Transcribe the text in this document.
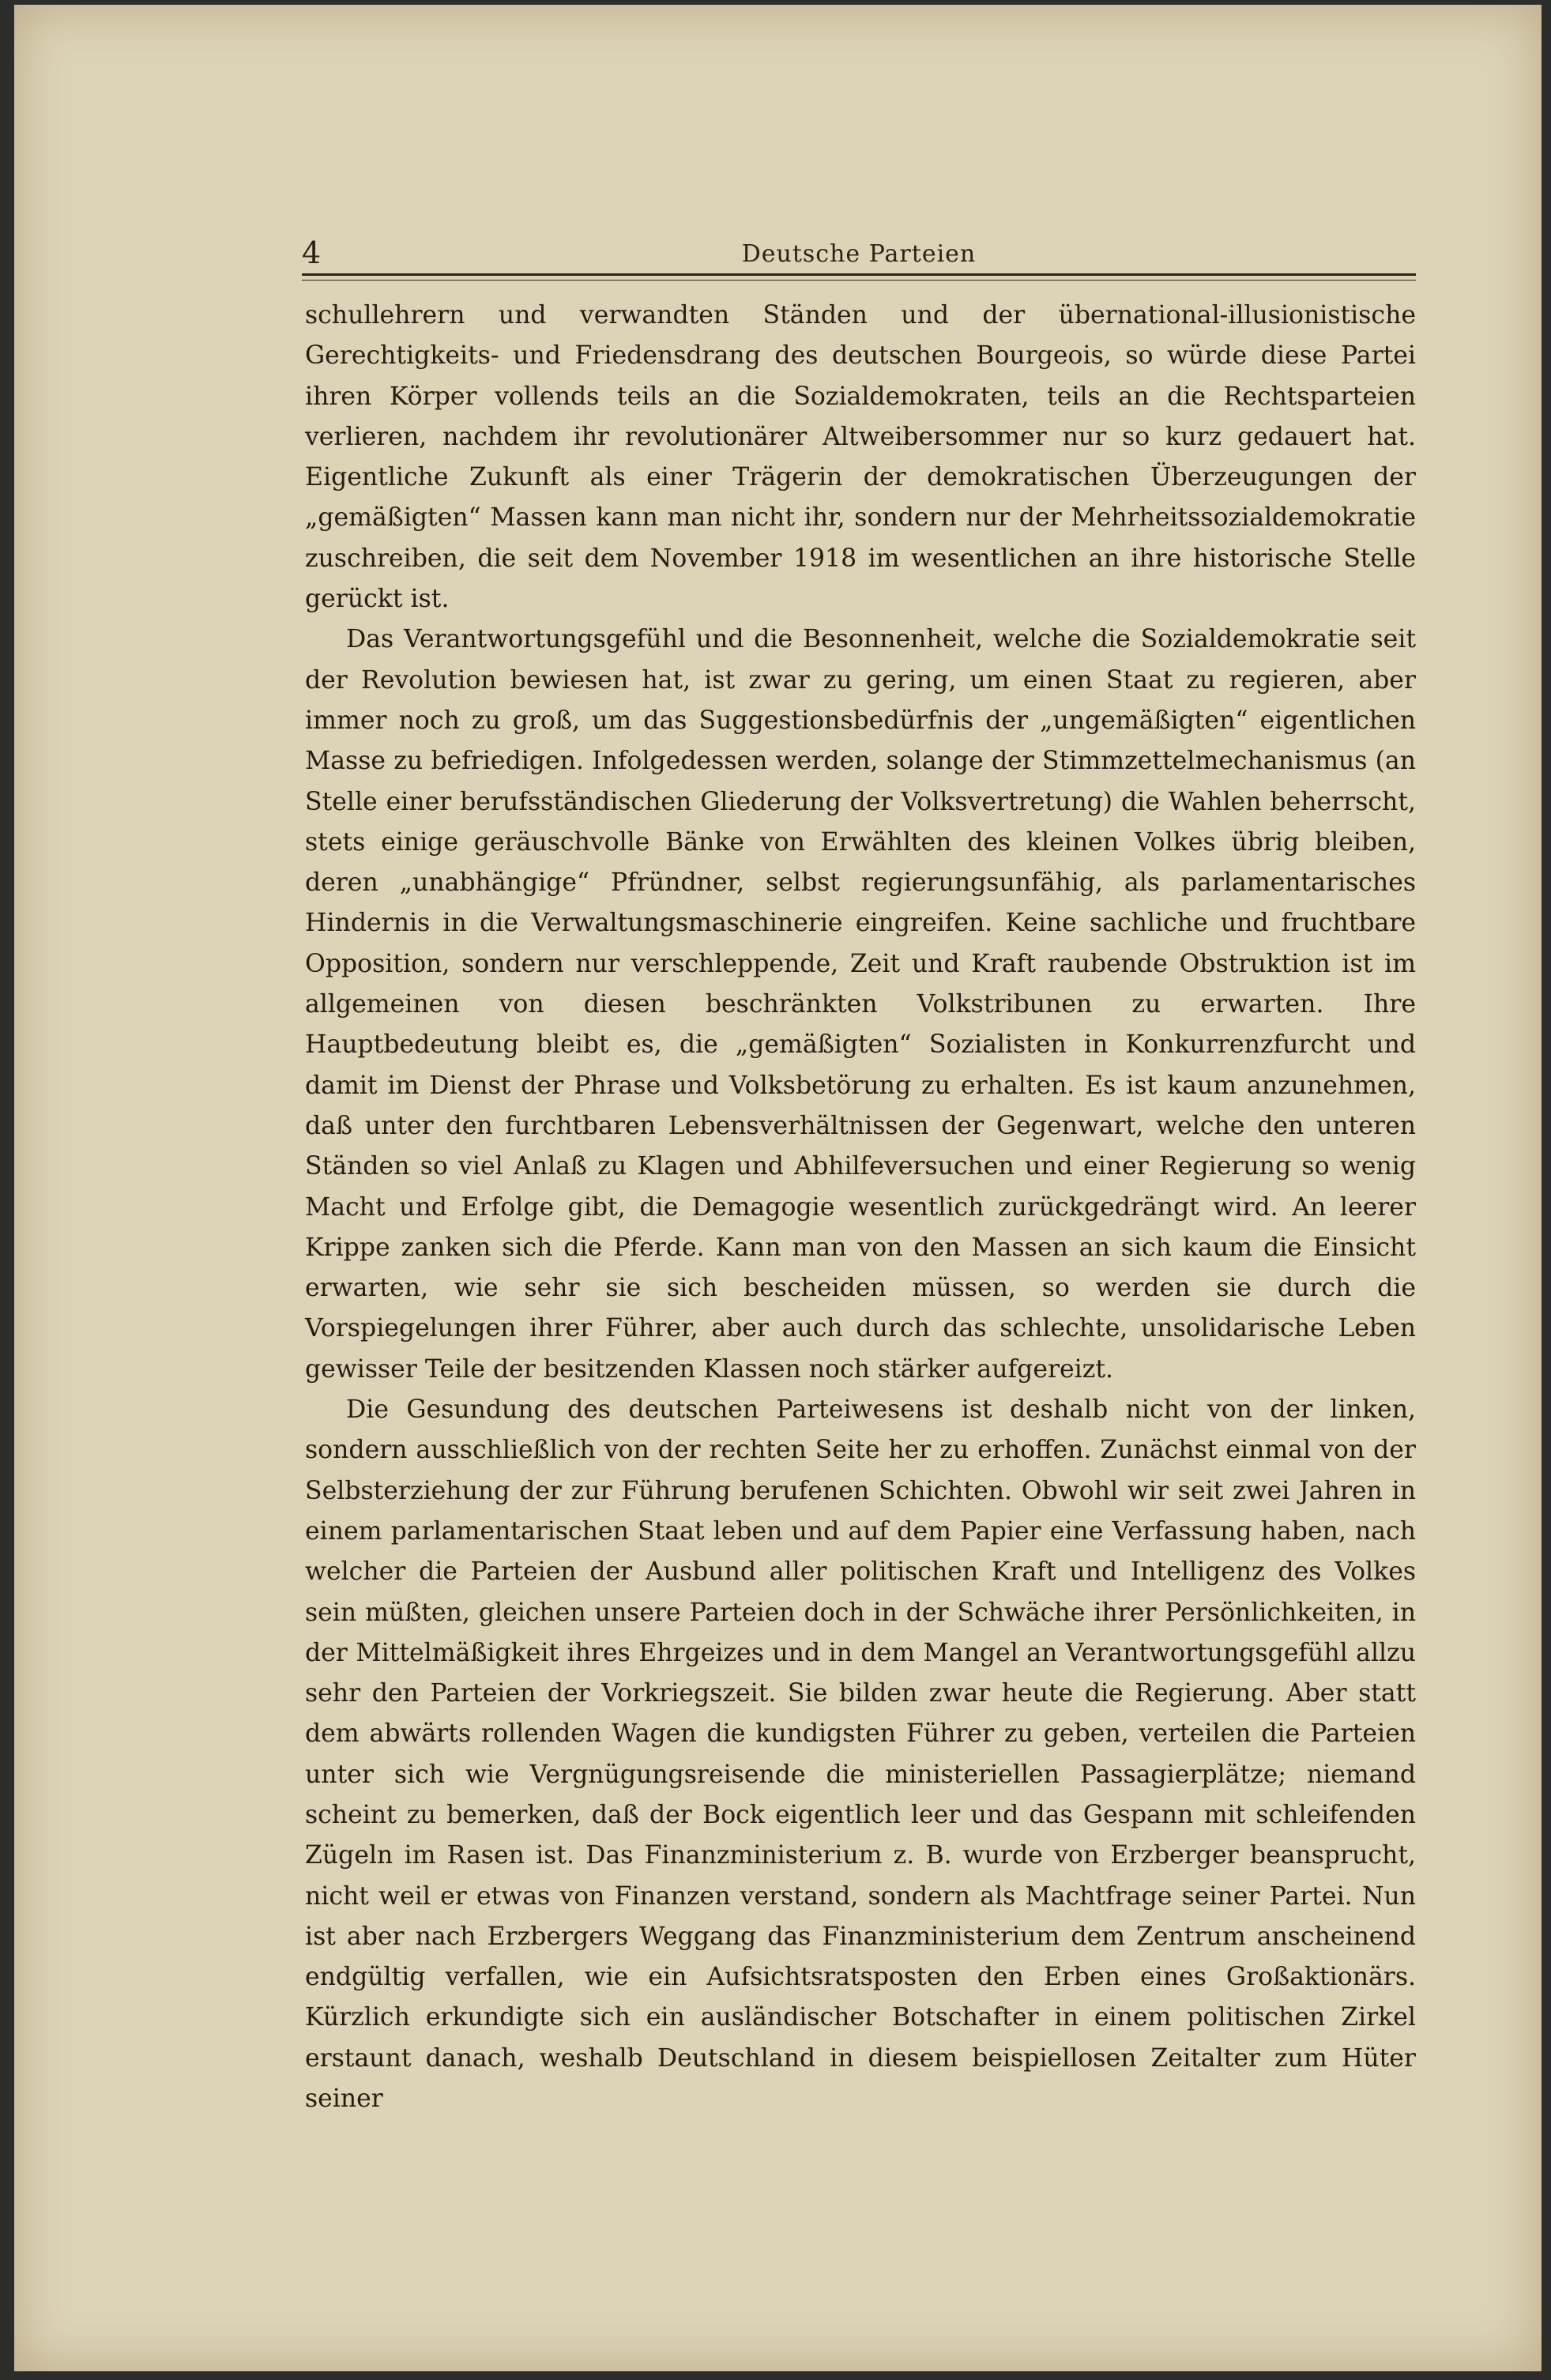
4	Deutsche Parteien

schullehrern und verwandten Ständen und der übernational-illusionistische Gerechtigkeits- und Friedensdrang des deutschen Bourgeois, so würde diese Partei ihren Körper vollends teils an die Sozialdemokraten, teils an die Rechtsparteien verlieren, nachdem ihr revolutionärer Altweibersommer nur so kurz gedauert hat. Eigentliche Zukunft als einer Trägerin der demokratischen Überzeugungen der „gemäßigten“ Massen kann man nicht ihr, sondern nur der Mehrheitssozialdemokratie zuschreiben, die seit dem November 1918 im wesentlichen an ihre historische Stelle gerückt ist.

Das Verantwortungsgefühl und die Besonnenheit, welche die Sozialdemokratie seit der Revolution bewiesen hat, ist zwar zu gering, um einen Staat zu regieren, aber immer noch zu groß, um das Suggestionsbedürfnis der „ungemäßigten“ eigentlichen Masse zu befriedigen. Infolgedessen werden, solange der Stimmzettelmechanismus (an Stelle einer berufsständischen Gliederung der Volksvertretung) die Wahlen beherrscht, stets einige geräuschvolle Bänke von Erwählten des kleinen Volkes übrig bleiben, deren „unabhängige“ Pfründner, selbst regierungsunfähig, als parlamentarisches Hindernis in die Verwaltungsmaschinerie eingreifen. Keine sachliche und fruchtbare Opposition, sondern nur verschleppende, Zeit und Kraft raubende Obstruktion ist im allgemeinen von diesen beschränkten Volkstribunen zu erwarten. Ihre Hauptbedeutung bleibt es, die „gemäßigten“ Sozialisten in Konkurrenzfurcht und damit im Dienst der Phrase und Volksbetörung zu erhalten. Es ist kaum anzunehmen, daß unter den furchtbaren Lebensverhältnissen der Gegenwart, welche den unteren Ständen so viel Anlaß zu Klagen und Abhilfeversuchen und einer Regierung so wenig Macht und Erfolge gibt, die Demagogie wesentlich zurückgedrängt wird. An leerer Krippe zanken sich die Pferde. Kann man von den Massen an sich kaum die Einsicht erwarten, wie sehr sie sich bescheiden müssen, so werden sie durch die Vorspiegelungen ihrer Führer, aber auch durch das schlechte, unsolidarische Leben gewisser Teile der besitzenden Klassen noch stärker aufgereizt.

Die Gesundung des deutschen Parteiwesens ist deshalb nicht von der linken, sondern ausschließlich von der rechten Seite her zu erhoffen. Zunächst einmal von der Selbsterziehung der zur Führung berufenen Schichten. Obwohl wir seit zwei Jahren in einem parlamentarischen Staat leben und auf dem Papier eine Verfassung haben, nach welcher die Parteien der Ausbund aller politischen Kraft und Intelligenz des Volkes sein müßten, gleichen unsere Parteien doch in der Schwäche ihrer Persönlichkeiten, in der Mittelmäßigkeit ihres Ehrgeizes und in dem Mangel an Verantwortungsgefühl allzu sehr den Parteien der Vorkriegszeit. Sie bilden zwar heute die Regierung. Aber statt dem abwärts rollenden Wagen die kundigsten Führer zu geben, verteilen die Parteien unter sich wie Vergnügungsreisende die ministeriellen Passagierplätze; niemand scheint zu bemerken, daß der Bock eigentlich leer und das Gespann mit schleifenden Zügeln im Rasen ist. Das Finanzministerium z. B. wurde von Erzberger beansprucht, nicht weil er etwas von Finanzen verstand, sondern als Machtfrage seiner Partei. Nun ist aber nach Erzbergers Weggang das Finanzministerium dem Zentrum anscheinend endgültig verfallen, wie ein Aufsichtsratsposten den Erben eines Großaktionärs. Kürzlich erkundigte sich ein ausländischer Botschafter in einem politischen Zirkel erstaunt danach, weshalb Deutschland in diesem beispiellosen Zeitalter zum Hüter seiner
